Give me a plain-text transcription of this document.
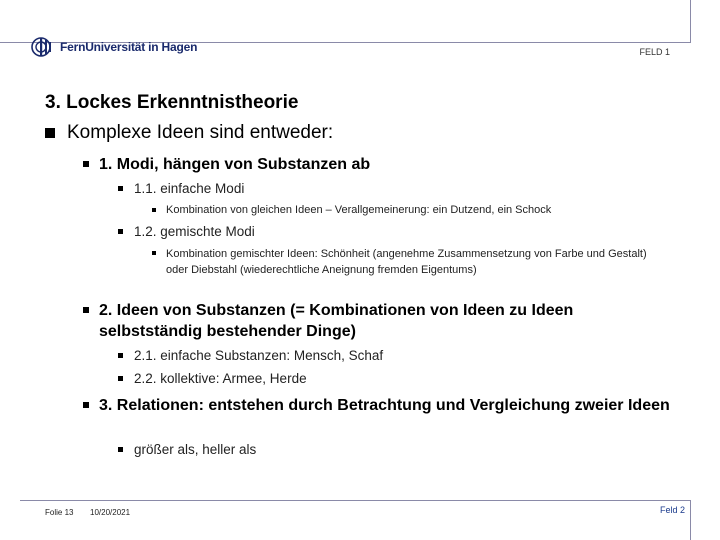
FernUniversität in Hagen	FELD 1
3. Lockes Erkenntnistheorie
Komplexe Ideen sind entweder:
1. Modi, hängen von Substanzen ab
1.1. einfache Modi
Kombination von gleichen Ideen – Verallgemeinerung: ein Dutzend, ein Schock
1.2. gemischte Modi
Kombination gemischter Ideen: Schönheit (angenehme Zusammensetzung von Farbe und Gestalt) oder Diebstahl (wiederechtliche Aneignung fremden Eigentums)
2. Ideen von Substanzen (= Kombinationen von Ideen zu Ideen selbstständig bestehender Dinge)
2.1. einfache Substanzen: Mensch, Schaf
2.2. kollektive: Armee, Herde
3. Relationen: entstehen durch Betrachtung und Vergleichung zweier Ideen
größer als, heller als
Folie 13 10/20/2021	Feld 2
